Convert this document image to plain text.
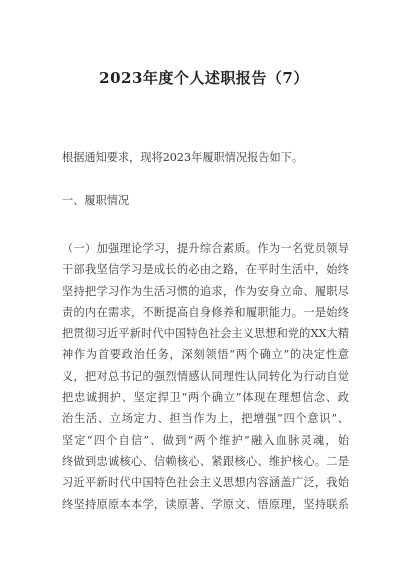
2023年度个人述职报告（7）
根据通知要求，现将2023年履职情况报告如下。
一、履职情况
（一）加强理论学习，提升综合素质。作为一名党员领导
干部我坚信学习是成长的必由之路，在平时生活中，始终
坚持把学习作为生活习惯的追求，作为安身立命、履职尽
责的内在需求，不断提高自身修养和履职能力。一是始终
把贯彻习近平新时代中国特色社会主义思想和党的XX大精
神作为首要政治任务，深刻领悟“两个确立”的决定性意
义，把对总书记的强烈情感认同理性认同转化为行动自觉
把忠诚拥护、坚定捍卫“两个确立”体现在理想信念、政
治生活、立场定力、担当作为上，把增强“四个意识”、
坚定“四个自信”、做到“两个维护”融入血脉灵魂，始
终做到忠诚核心、信赖核心、紧跟核心、维护核心。二是
习近平新时代中国特色社会主义思想内容涵盖广泛，我始
终坚持原原本本学，读原著、学原文、悟原理，坚持联系
